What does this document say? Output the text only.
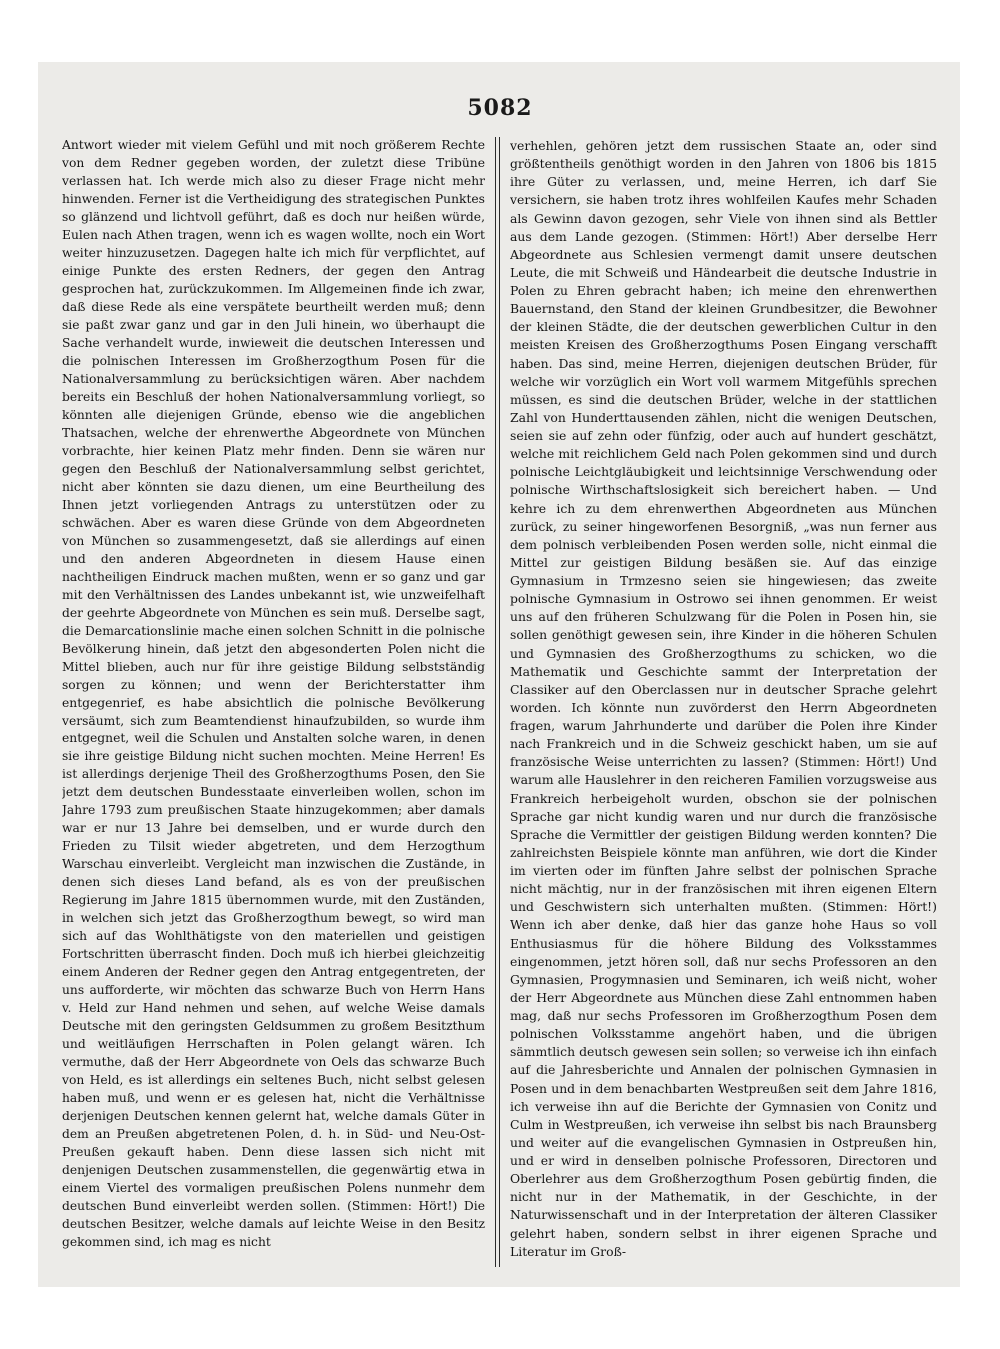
5082

Antwort wieder mit vielem Gefühl und mit noch größerem Rechte von dem Redner gegeben worden, der zuletzt diese Tribüne verlassen hat. Ich werde mich also zu dieser Frage nicht mehr hinwenden. Ferner ist die Vertheidigung des strategischen Punktes so glänzend und lichtvoll geführt, daß es doch nur heißen würde, Eulen nach Athen tragen, wenn ich es wagen wollte, noch ein Wort weiter hinzuzusetzen. Dagegen halte ich mich für verpflichtet, auf einige Punkte des ersten Redners, der gegen den Antrag gesprochen hat, zurückzukommen. Im Allgemeinen finde ich zwar, daß diese Rede als eine verspätete beurtheilt werden muß; denn sie paßt zwar ganz und gar in den Juli hinein, wo überhaupt die Sache verhandelt wurde, inwieweit die deutschen Interessen und die polnischen Interessen im Großherzogthum Posen für die Nationalversammlung zu berücksichtigen wären. Aber nachdem bereits ein Beschluß der hohen Nationalversammlung vorliegt, so könnten alle diejenigen Gründe, ebenso wie die angeblichen Thatsachen, welche der ehrenwerthe Abgeordnete von München vorbrachte, hier keinen Platz mehr finden. Denn sie wären nur gegen den Beschluß der Nationalversammlung selbst gerichtet, nicht aber könnten sie dazu dienen, um eine Beurtheilung des Ihnen jetzt vorliegenden Antrags zu unterstützen oder zu schwächen. Aber es waren diese Gründe von dem Abgeordneten von München so zusammengesetzt, daß sie allerdings auf einen und den anderen Abgeordneten in diesem Hause einen nachtheiligen Eindruck machen mußten, wenn er so ganz und gar mit den Verhältnissen des Landes unbekannt ist, wie unzweifelhaft der geehrte Abgeordnete von München es sein muß. Derselbe sagt, die Demarcationslinie mache einen solchen Schnitt in die polnische Bevölkerung hinein, daß jetzt den abgesonderten Polen nicht die Mittel blieben, auch nur für ihre geistige Bildung selbstständig sorgen zu können; und wenn der Berichterstatter ihm entgegenrief, es habe absichtlich die polnische Bevölkerung versäumt, sich zum Beamtendienst hinaufzubilden, so wurde ihm entgegnet, weil die Schulen und Anstalten solche waren, in denen sie ihre geistige Bildung nicht suchen mochten. Meine Herren! Es ist allerdings derjenige Theil des Großherzogthums Posen, den Sie jetzt dem deutschen Bundesstaate einverleiben wollen, schon im Jahre 1793 zum preußischen Staate hinzugekommen; aber damals war er nur 13 Jahre bei demselben, und er wurde durch den Frieden zu Tilsit wieder abgetreten, und dem Herzogthum Warschau einverleibt. Vergleicht man inzwischen die Zustände, in denen sich dieses Land befand, als es von der preußischen Regierung im Jahre 1815 übernommen wurde, mit den Zuständen, in welchen sich jetzt das Großherzogthum bewegt, so wird man sich auf das Wohlthätigste von den materiellen und geistigen Fortschritten überrascht finden. Doch muß ich hierbei gleichzeitig einem Anderen der Redner gegen den Antrag entgegentreten, der uns aufforderte, wir möchten das schwarze Buch von Herrn Hans v. Held zur Hand nehmen und sehen, auf welche Weise damals Deutsche mit den geringsten Geldsummen zu großem Besitzthum und weitläufigen Herrschaften in Polen gelangt wären. Ich vermuthe, daß der Herr Abgeordnete von Oels das schwarze Buch von Held, es ist allerdings ein seltenes Buch, nicht selbst gelesen haben muß, und wenn er es gelesen hat, nicht die Verhältnisse derjenigen Deutschen kennen gelernt hat, welche damals Güter in dem an Preußen abgetretenen Polen, d. h. in Süd- und Neu-Ost-Preußen gekauft haben. Denn diese lassen sich nicht mit denjenigen Deutschen zusammenstellen, die gegenwärtig etwa in einem Viertel des vormaligen preußischen Polens nunmehr dem deutschen Bund einverleibt werden sollen. (Stimmen: Hört!) Die deutschen Besitzer, welche damals auf leichte Weise in den Besitz gekommen sind, ich mag es nicht

verhehlen, gehören jetzt dem russischen Staate an, oder sind größtentheils genöthigt worden in den Jahren von 1806 bis 1815 ihre Güter zu verlassen, und, meine Herren, ich darf Sie versichern, sie haben trotz ihres wohlfeilen Kaufes mehr Schaden als Gewinn davon gezogen, sehr Viele von ihnen sind als Bettler aus dem Lande gezogen. (Stimmen: Hört!) Aber derselbe Herr Abgeordnete aus Schlesien vermengt damit unsere deutschen Leute, die mit Schweiß und Händearbeit die deutsche Industrie in Polen zu Ehren gebracht haben; ich meine den ehrenwerthen Bauernstand, den Stand der kleinen Grundbesitzer, die Bewohner der kleinen Städte, die der deutschen gewerblichen Cultur in den meisten Kreisen des Großherzogthums Posen Eingang verschafft haben. Das sind, meine Herren, diejenigen deutschen Brüder, für welche wir vorzüglich ein Wort voll warmem Mitgefühls sprechen müssen, es sind die deutschen Brüder, welche in der stattlichen Zahl von Hunderttausenden zählen, nicht die wenigen Deutschen, seien sie auf zehn oder fünfzig, oder auch auf hundert geschätzt, welche mit reichlichem Geld nach Polen gekommen sind und durch polnische Leichtgläubigkeit und leichtsinnige Verschwendung oder polnische Wirthschaftslosigkeit sich bereichert haben. — Und kehre ich zu dem ehrenwerthen Abgeordneten aus München zurück, zu seiner hingeworfenen Besorgniß, „was nun ferner aus dem polnisch verbleibenden Posen werden solle, nicht einmal die Mittel zur geistigen Bildung besäßen sie. Auf das einzige Gymnasium in Trmzesno seien sie hingewiesen; das zweite polnische Gymnasium in Ostrowo sei ihnen genommen. Er weist uns auf den früheren Schulzwang für die Polen in Posen hin, sie sollen genöthigt gewesen sein, ihre Kinder in die höheren Schulen und Gymnasien des Großherzogthums zu schicken, wo die Mathematik und Geschichte sammt der Interpretation der Classiker auf den Oberclassen nur in deutscher Sprache gelehrt worden. Ich könnte nun zuvörderst den Herrn Abgeordneten fragen, warum Jahrhunderte und darüber die Polen ihre Kinder nach Frankreich und in die Schweiz geschickt haben, um sie auf französische Weise unterrichten zu lassen? (Stimmen: Hört!) Und warum alle Hauslehrer in den reicheren Familien vorzugsweise aus Frankreich herbeigeholt wurden, obschon sie der polnischen Sprache gar nicht kundig waren und nur durch die französische Sprache die Vermittler der geistigen Bildung werden konnten? Die zahlreichsten Beispiele könnte man anführen, wie dort die Kinder im vierten oder im fünften Jahre selbst der polnischen Sprache nicht mächtig, nur in der französischen mit ihren eigenen Eltern und Geschwistern sich unterhalten mußten. (Stimmen: Hört!) Wenn ich aber denke, daß hier das ganze hohe Haus so voll Enthusiasmus für die höhere Bildung des Volksstammes eingenommen, jetzt hören soll, daß nur sechs Professoren an den Gymnasien, Progymnasien und Seminaren, ich weiß nicht, woher der Herr Abgeordnete aus München diese Zahl entnommen haben mag, daß nur sechs Professoren im Großherzogthum Posen dem polnischen Volksstamme angehört haben, und die übrigen sämmtlich deutsch gewesen sein sollen; so verweise ich ihn einfach auf die Jahresberichte und Annalen der polnischen Gymnasien in Posen und in dem benachbarten Westpreußen seit dem Jahre 1816, ich verweise ihn auf die Berichte der Gymnasien von Conitz und Culm in Westpreußen, ich verweise ihn selbst bis nach Braunsberg und weiter auf die evangelischen Gymnasien in Ostpreußen hin, und er wird in denselben polnische Professoren, Directoren und Oberlehrer aus dem Großherzogthum Posen gebürtig finden, die nicht nur in der Mathematik, in der Geschichte, in der Naturwissenschaft und in der Interpretation der älteren Classiker gelehrt haben, sondern selbst in ihrer eigenen Sprache und Literatur im Groß-
